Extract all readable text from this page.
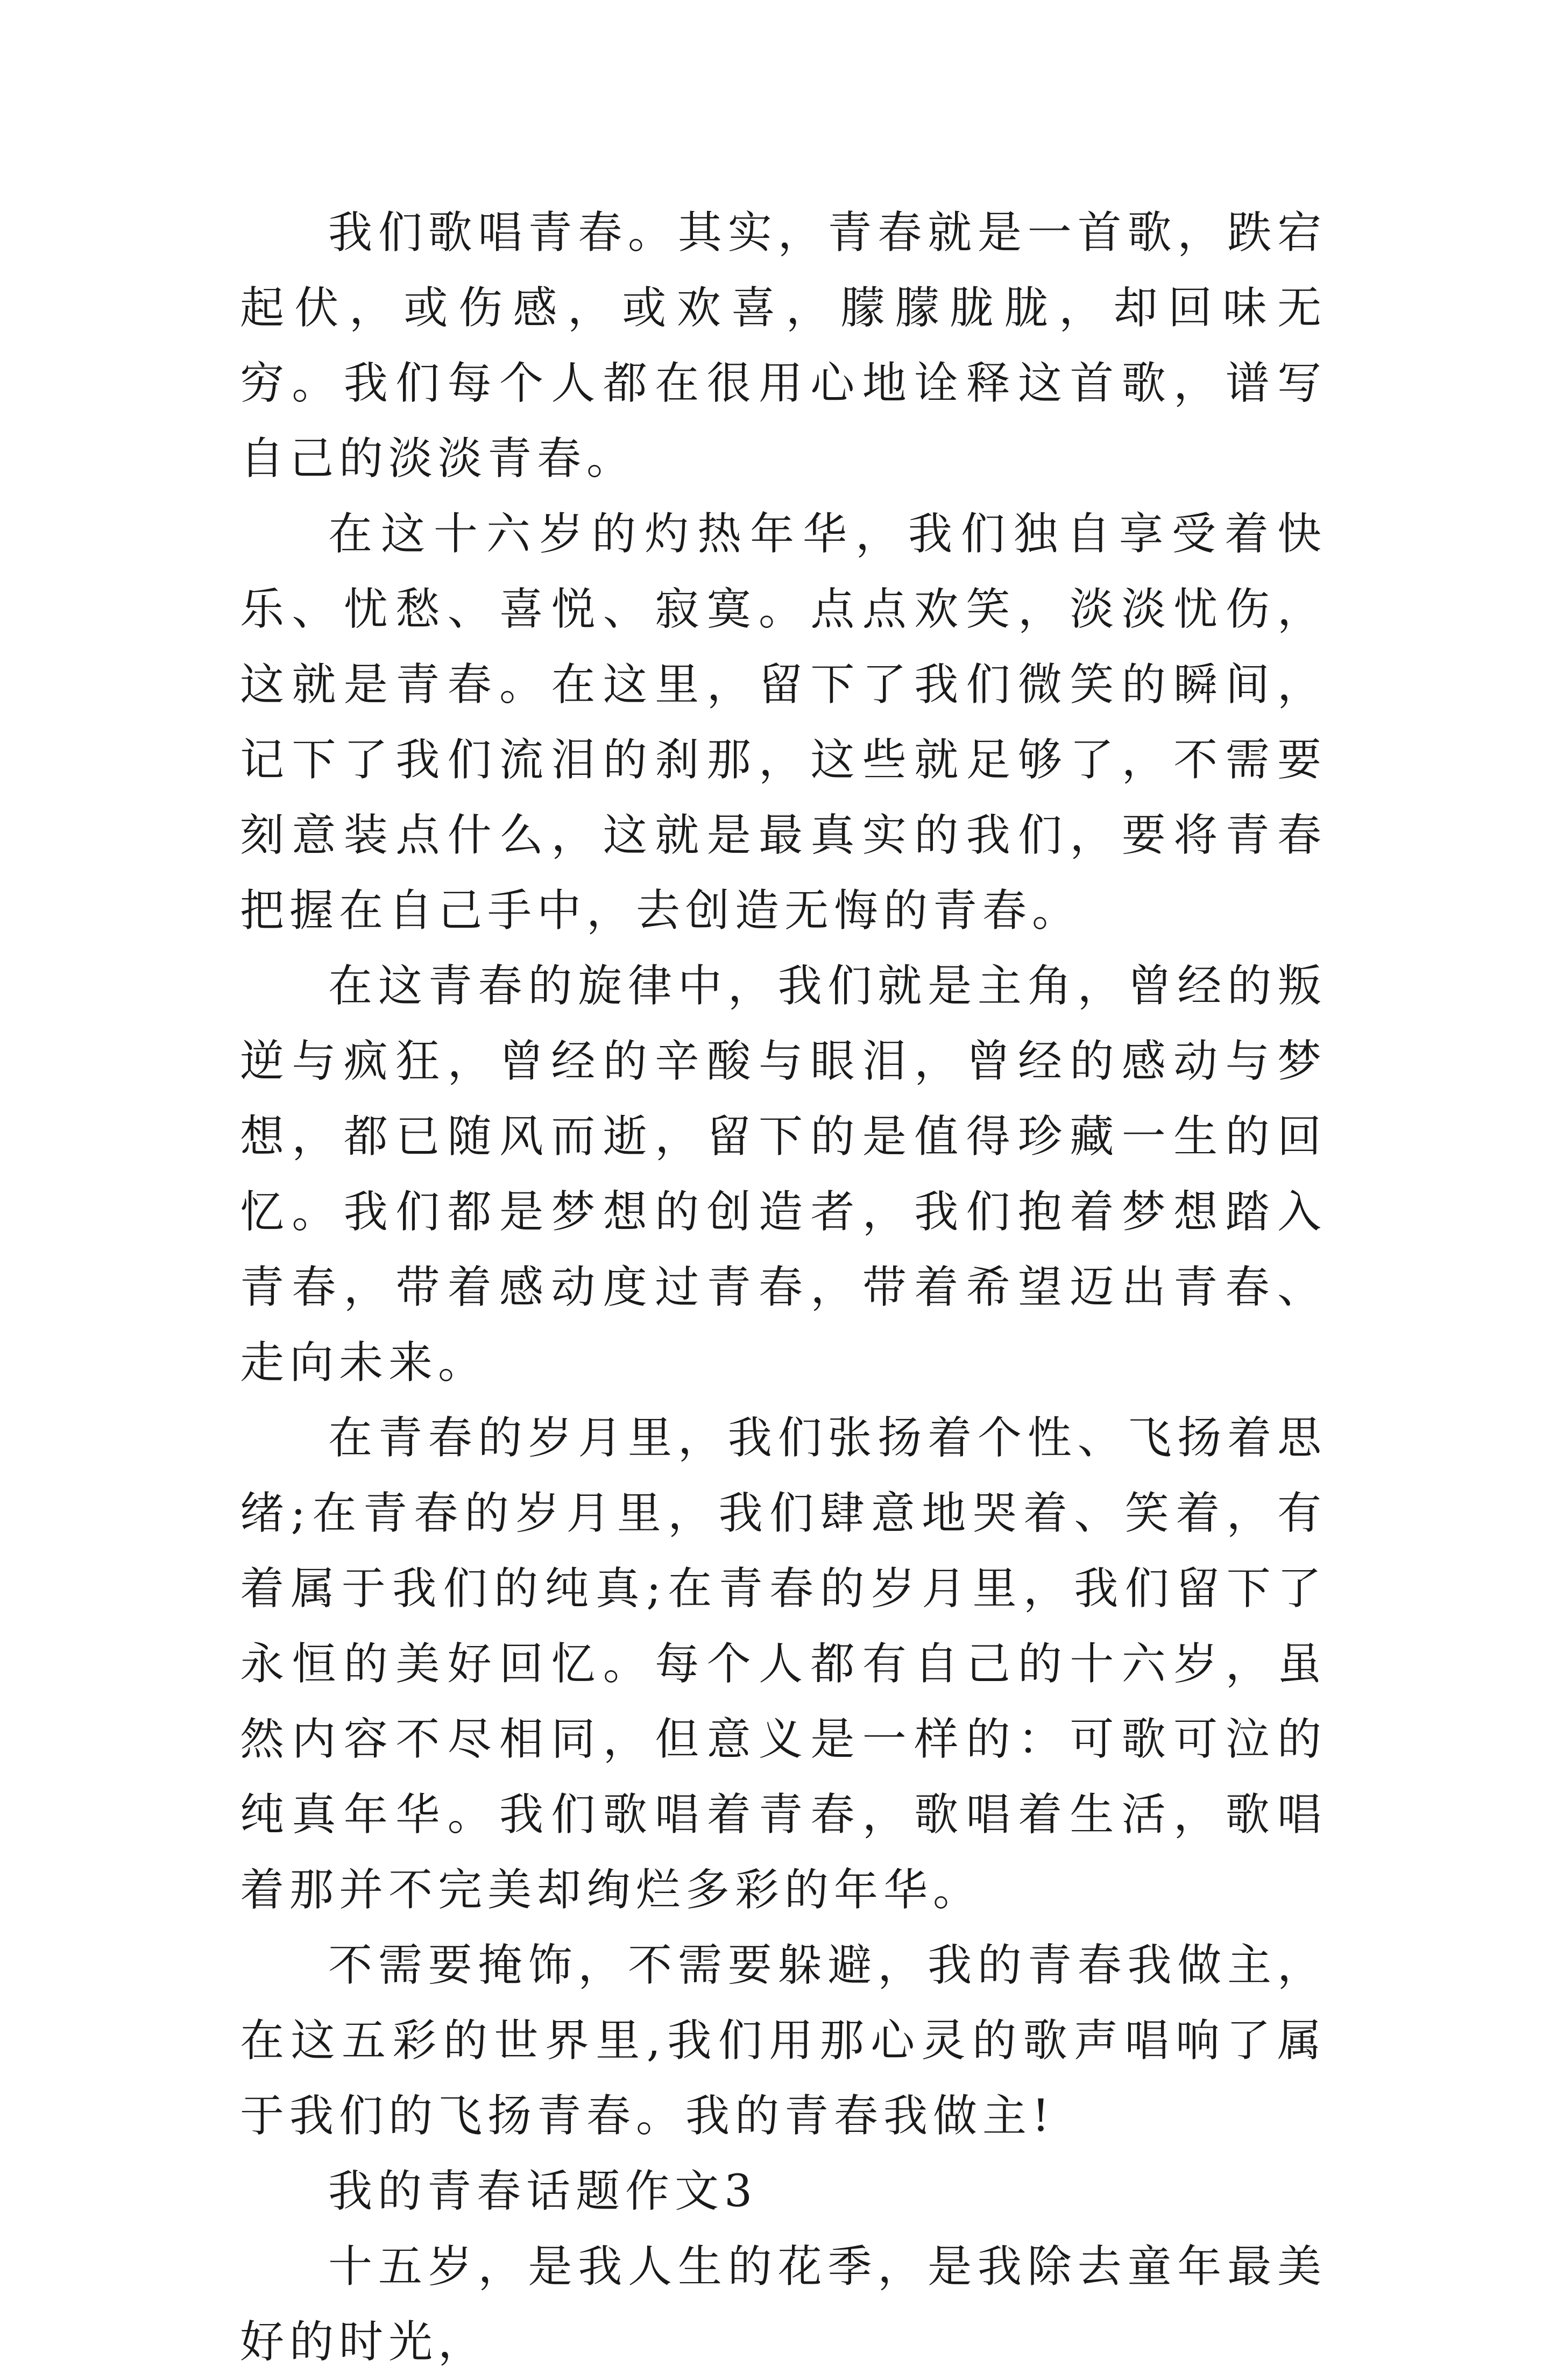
我们歌唱青春。其实，青春就是一首歌，跌宕起伏，或伤感，或欢喜，朦朦胧胧，却回味无穷。我们每个人都在很用心地诠释这首歌，谱写自己的淡淡青春。

在这十六岁的灼热年华，我们独自享受着快乐、忧愁、喜悦、寂寞。点点欢笑，淡淡忧伤，这就是青春。在这里，留下了我们微笑的瞬间，记下了我们流泪的刹那，这些就足够了，不需要刻意装点什么，这就是最真实的我们，要将青春把握在自己手中，去创造无悔的青春。

在这青春的旋律中，我们就是主角，曾经的叛逆与疯狂，曾经的辛酸与眼泪，曾经的感动与梦想，都已随风而逝，留下的是值得珍藏一生的回忆。我们都是梦想的创造者，我们抱着梦想踏入青春，带着感动度过青春，带着希望迈出青春、走向未来。

在青春的岁月里，我们张扬着个性、飞扬着思绪;在青春的岁月里，我们肆意地哭着、笑着，有着属于我们的纯真;在青春的岁月里，我们留下了永恒的美好回忆。每个人都有自己的十六岁，虽然内容不尽相同，但意义是一样的：可歌可泣的纯真年华。我们歌唱着青春，歌唱着生活，歌唱着那并不完美却绚烂多彩的年华。

不需要掩饰，不需要躲避，我的青春我做主，在这五彩的世界里,我们用那心灵的歌声唱响了属于我们的飞扬青春。我的青春我做主!

我的青春话题作文3

十五岁，是我人生的花季，是我除去童年最美好的时光，
